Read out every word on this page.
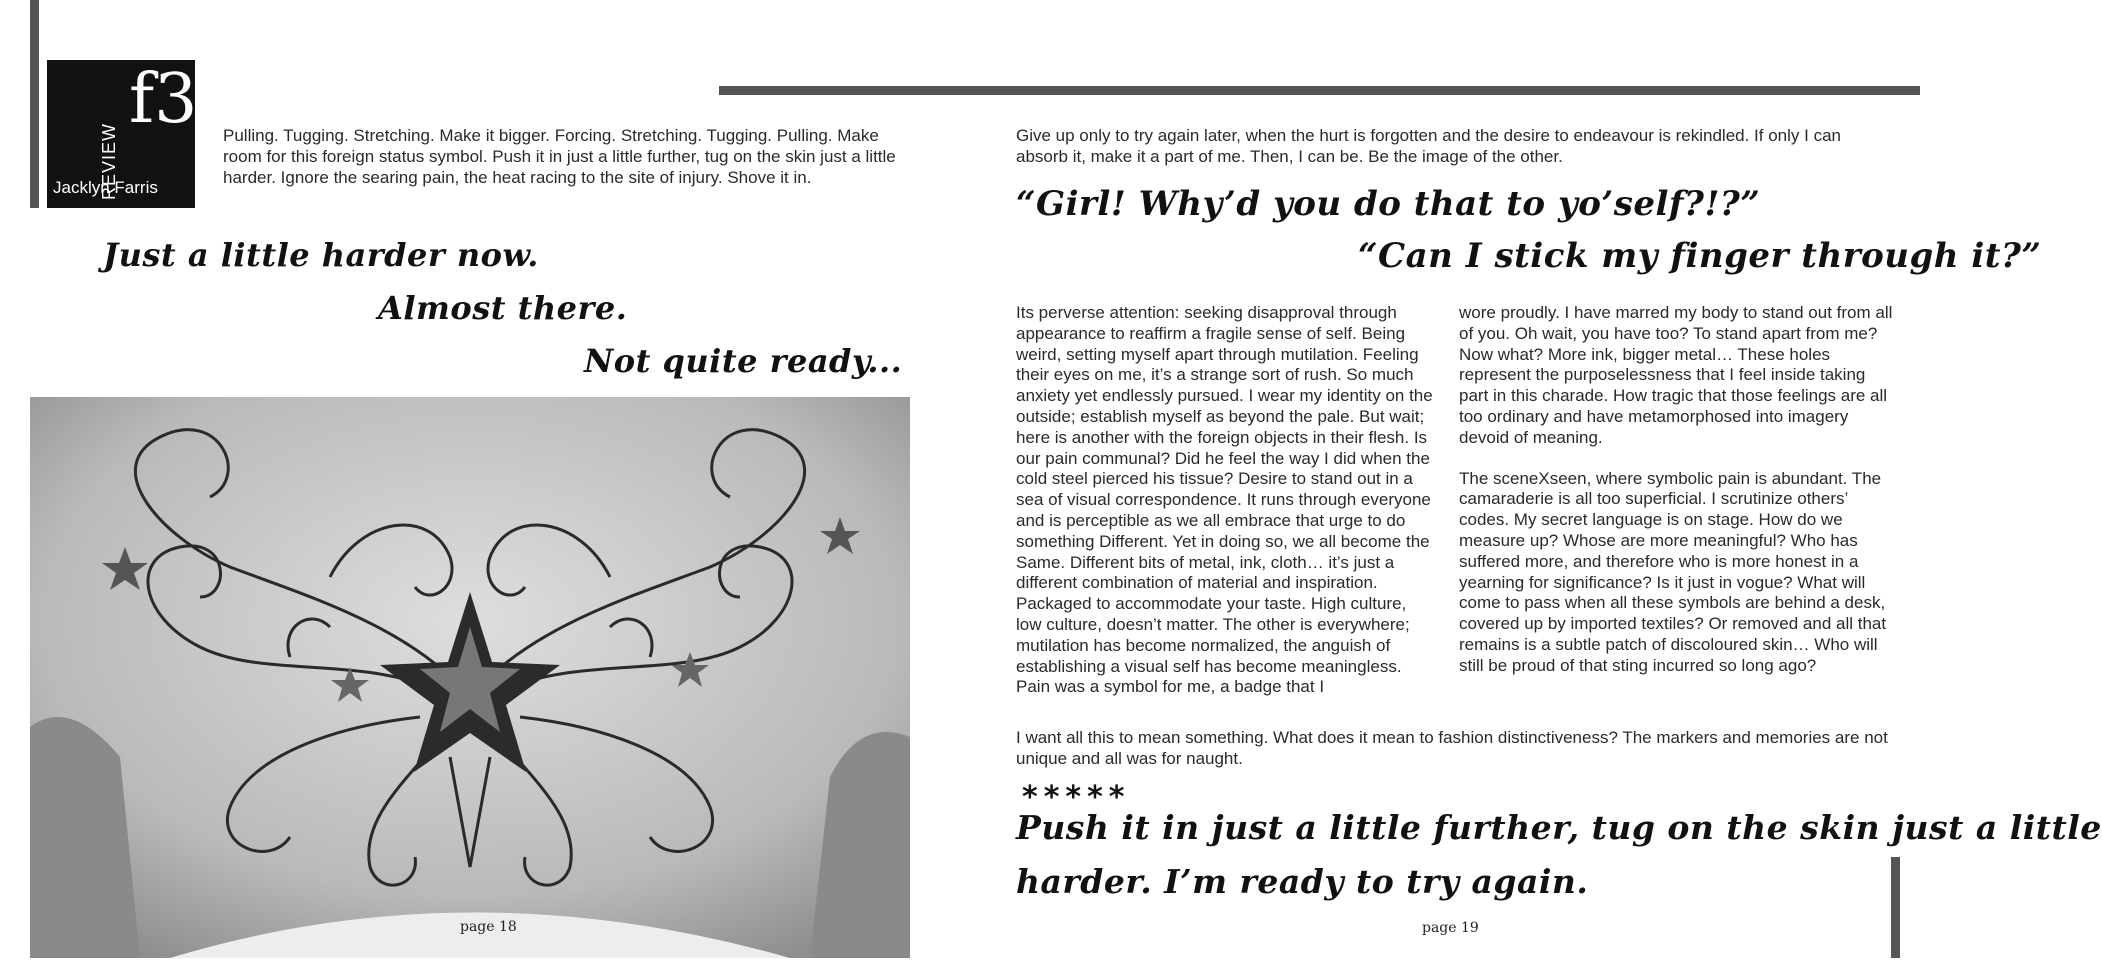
REVIEW
f3
Jacklyn Farris
Pulling. Tugging. Stretching. Make it bigger. Forcing. Stretching. Tugging. Pulling. Make room for this foreign status symbol. Push it in just a little further, tug on the skin just a little harder. Ignore the searing pain, the heat racing to the site of injury. Shove it in.
Just a little harder now.
Almost there.
Not quite ready...
page 18
Give up only to try again later, when the hurt is forgotten and the desire to endeavour is rekindled. If only I can absorb it, make it a part of me. Then, I can be. Be the image of the other.
“Girl! Why’d you do that to yo’self?!?”
“Can I stick my finger through it?”

Its perverse attention: seeking disapproval through appearance to reaffirm a fragile sense of self. Being weird, setting myself apart through mutilation. Feeling their eyes on me, it’s a strange sort of rush. So much anxiety yet endlessly pursued. I wear my identity on the outside; establish myself as beyond the pale. But wait; here is another with the foreign objects in their flesh. Is our pain communal? Did he feel the way I did when the cold steel pierced his tissue? Desire to stand out in a sea of visual correspondence. It runs through everyone and is perceptible as we all embrace that urge to do something Different. Yet in doing so, we all become the Same. Different bits of metal, ink, cloth… it’s just a different combination of material and inspiration. Packaged to accommodate your taste. High culture, low culture, doesn’t matter. The other is everywhere; mutilation has become normalized, the anguish of establishing a visual self has become meaningless. Pain was a symbol for me, a badge that I

wore proudly. I have marred my body to stand out from all of you. Oh wait, you have too? To stand apart from me? Now what? More ink, bigger metal… These holes represent the purposelessness that I feel inside taking part in this charade. How tragic that those feelings are all too ordinary and have metamorphosed into imagery devoid of meaning.

The sceneXseen, where symbolic pain is abundant. The camaraderie is all too superficial. I scrutinize others’ codes. My secret language is on stage. How do we measure up? Whose are more meaningful? Who has suffered more, and therefore who is more honest in a yearning for significance? Is it just in vogue? What will come to pass when all these symbols are behind a desk, covered up by imported textiles? Or removed and all that remains is a subtle patch of discoloured skin… Who will still be proud of that sting incurred so long ago?

I want all this to mean something. What does it mean to fashion distinctiveness? The markers and memories are not unique and all was for naught.
*****
Push it in just a little further, tug on the skin just a little
harder. I’m ready to try again.
page 19
